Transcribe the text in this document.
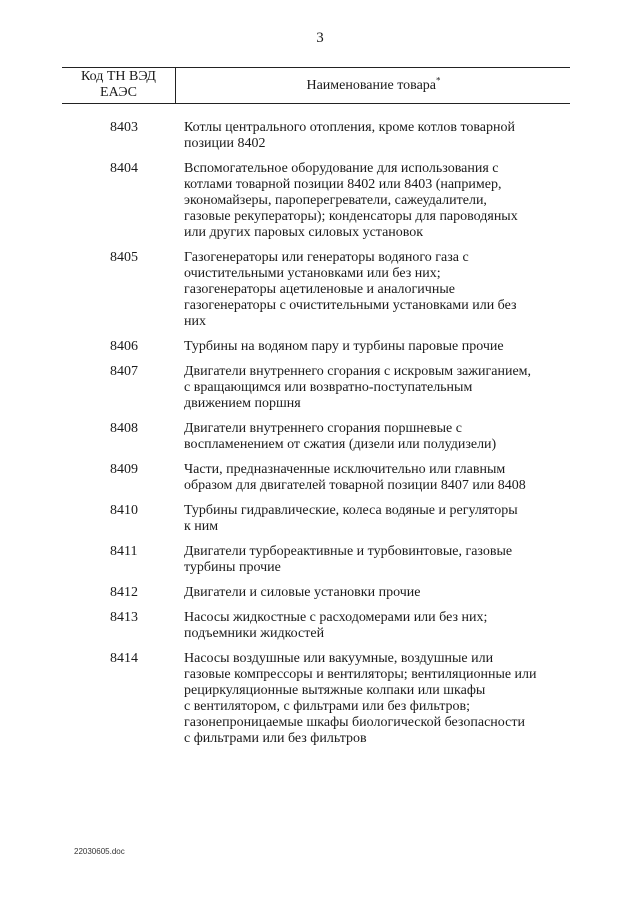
3
Код ТН ВЭД
ЕАЭС	Наименование товара*
8403	Котлы центрального отопления, кроме котлов товарной
позиции 8402
8404	Вспомогательное оборудование для использования с
котлами товарной позиции 8402 или 8403 (например,
экономайзеры, пароперегреватели, сажеудалители,
газовые рекуператоры); конденсаторы для пароводяных
или других паровых силовых установок
8405	Газогенераторы или генераторы водяного газа с
очистительными установками или без них;
газогенераторы ацетиленовые и аналогичные
газогенераторы с очистительными установками или без
них
8406	Турбины на водяном пару и турбины паровые прочие
8407	Двигатели внутреннего сгорания с искровым зажиганием,
с вращающимся или возвратно-поступательным
движением поршня
8408	Двигатели внутреннего сгорания поршневые с
воспламенением от сжатия (дизели или полудизели)
8409	Части, предназначенные исключительно или главным
образом для двигателей товарной позиции 8407 или 8408
8410	Турбины гидравлические, колеса водяные и регуляторы
к ним
8411	Двигатели турбореактивные и турбовинтовые, газовые
турбины прочие
8412	Двигатели и силовые установки прочие
8413	Насосы жидкостные с расходомерами или без них;
подъемники жидкостей
8414	Насосы воздушные или вакуумные, воздушные или
газовые компрессоры и вентиляторы; вентиляционные или
рециркуляционные вытяжные колпаки или шкафы
с вентилятором, с фильтрами или без фильтров;
газонепроницаемые шкафы биологической безопасности
с фильтрами или без фильтров
22030605.doc
